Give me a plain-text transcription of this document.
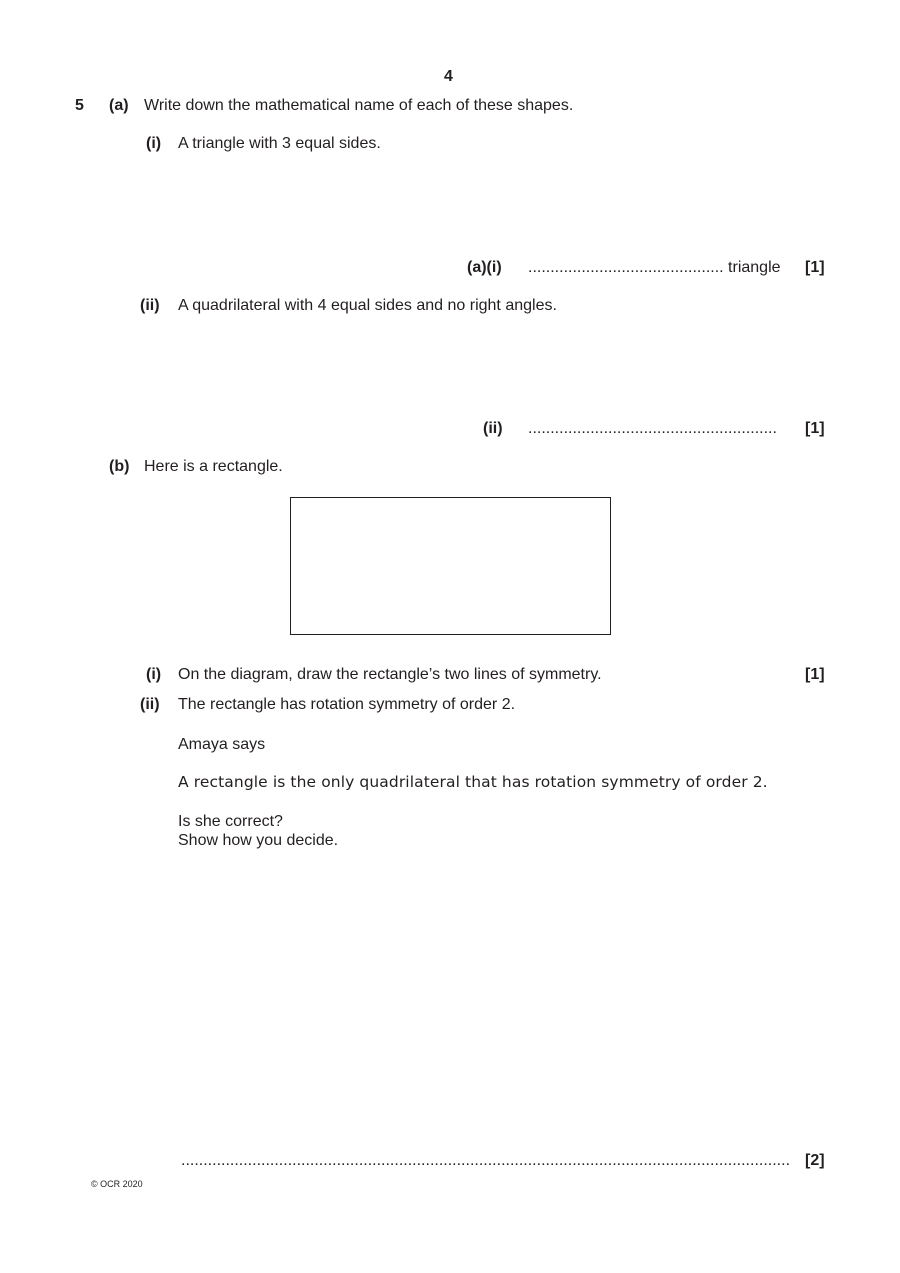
4
5 (a) Write down the mathematical name of each of these shapes.
(i) A triangle with 3 equal sides.
(a)(i) ............................................ triangle [1]
(ii) A quadrilateral with 4 equal sides and no right angles.
(ii) ........................................................ [1]
(b) Here is a rectangle.
(i) On the diagram, draw the rectangle’s two lines of symmetry.	[1]
(ii) The rectangle has rotation symmetry of order 2.
Amaya says
A rectangle is the only quadrilateral that has rotation symmetry of order 2.
Is she correct?
Show how you decide.
......................................................................................................................................... [2]
© OCR 2020
